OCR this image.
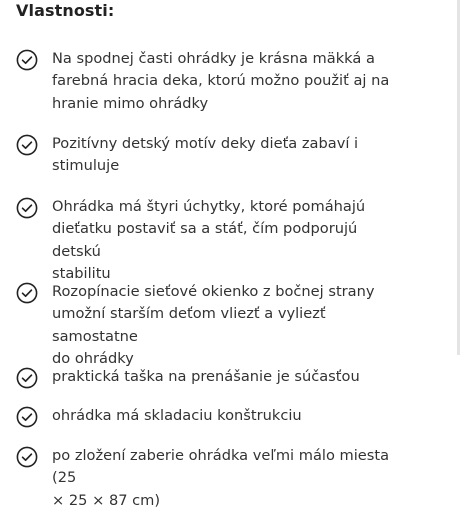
Vlastnosti:
Na spodnej časti ohrádky je krásna mäkká a
farebná hracia deka, ktorú možno použiť aj na
hranie mimo ohrádky
Pozitívny detský motív deky dieťa zabaví i
stimuluje
Ohrádka má štyri úchytky, ktoré pomáhajú
dieťatku postaviť sa a stáť, čím podporujú detskú
stabilitu
Rozopínacie sieťové okienko z bočnej strany
umožní starším deťom vliezť a vyliezť samostatne
do ohrádky
praktická taška na prenášanie je súčasťou
ohrádka má skladaciu konštrukciu
po zložení zaberie ohrádka veľmi málo miesta (25
× 25 × 87 cm)
